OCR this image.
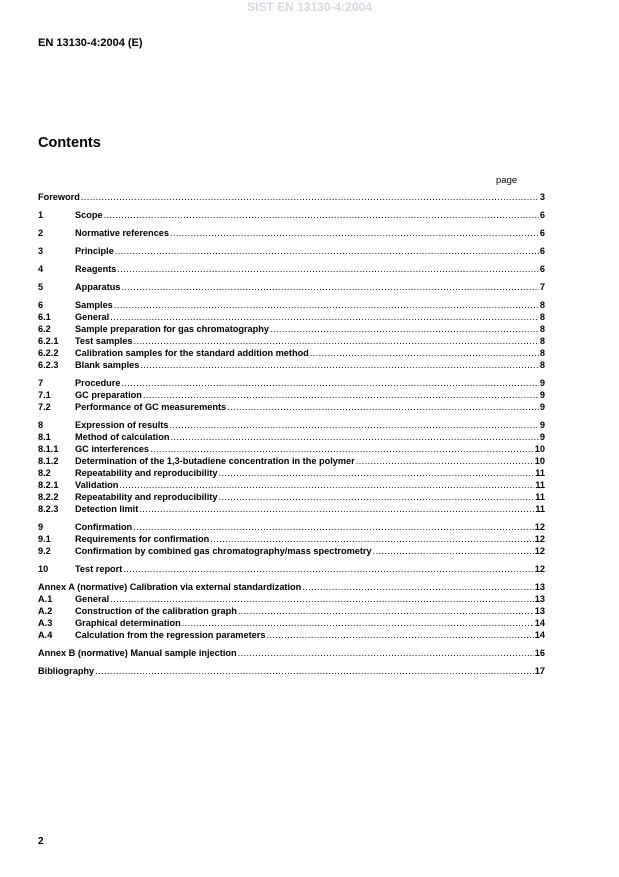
SIST EN 13130-4:2004
EN 13130-4:2004 (E)
Contents
page
Foreword .....	3
1	Scope .....	6
2	Normative references .....	6
3	Principle .....	6
4	Reagents .....	6
5	Apparatus .....	7
6	Samples .....	8
6.1	General .....	8
6.2	Sample preparation for gas chromatography .....	8
6.2.1	Test samples .....	8
6.2.2	Calibration samples for the standard addition method .....	8
6.2.3	Blank samples .....	8
7	Procedure .....	9
7.1	GC preparation .....	9
7.2	Performance of GC measurements .....	9
8	Expression of results .....	9
8.1	Method of calculation .....	9
8.1.1	GC interferences .....	10
8.1.2	Determination of the 1,3-butadiene concentration in the polymer .....	10
8.2	Repeatability and reproducibility .....	11
8.2.1	Validation .....	11
8.2.2	Repeatability and reproducibility .....	11
8.2.3	Detection limit .....	11
9	Confirmation .....	12
9.1	Requirements for confirmation .....	12
9.2	Confirmation by combined gas chromatography/mass spectrometry .....	12
10	Test report .....	12
Annex A (normative) Calibration via external standardization .....	13
A.1	General .....	13
A.2	Construction of the calibration graph .....	13
A.3	Graphical determination .....	14
A.4	Calculation from the regression parameters .....	14
Annex B (normative) Manual sample injection .....	16
Bibliography .....	17
2
